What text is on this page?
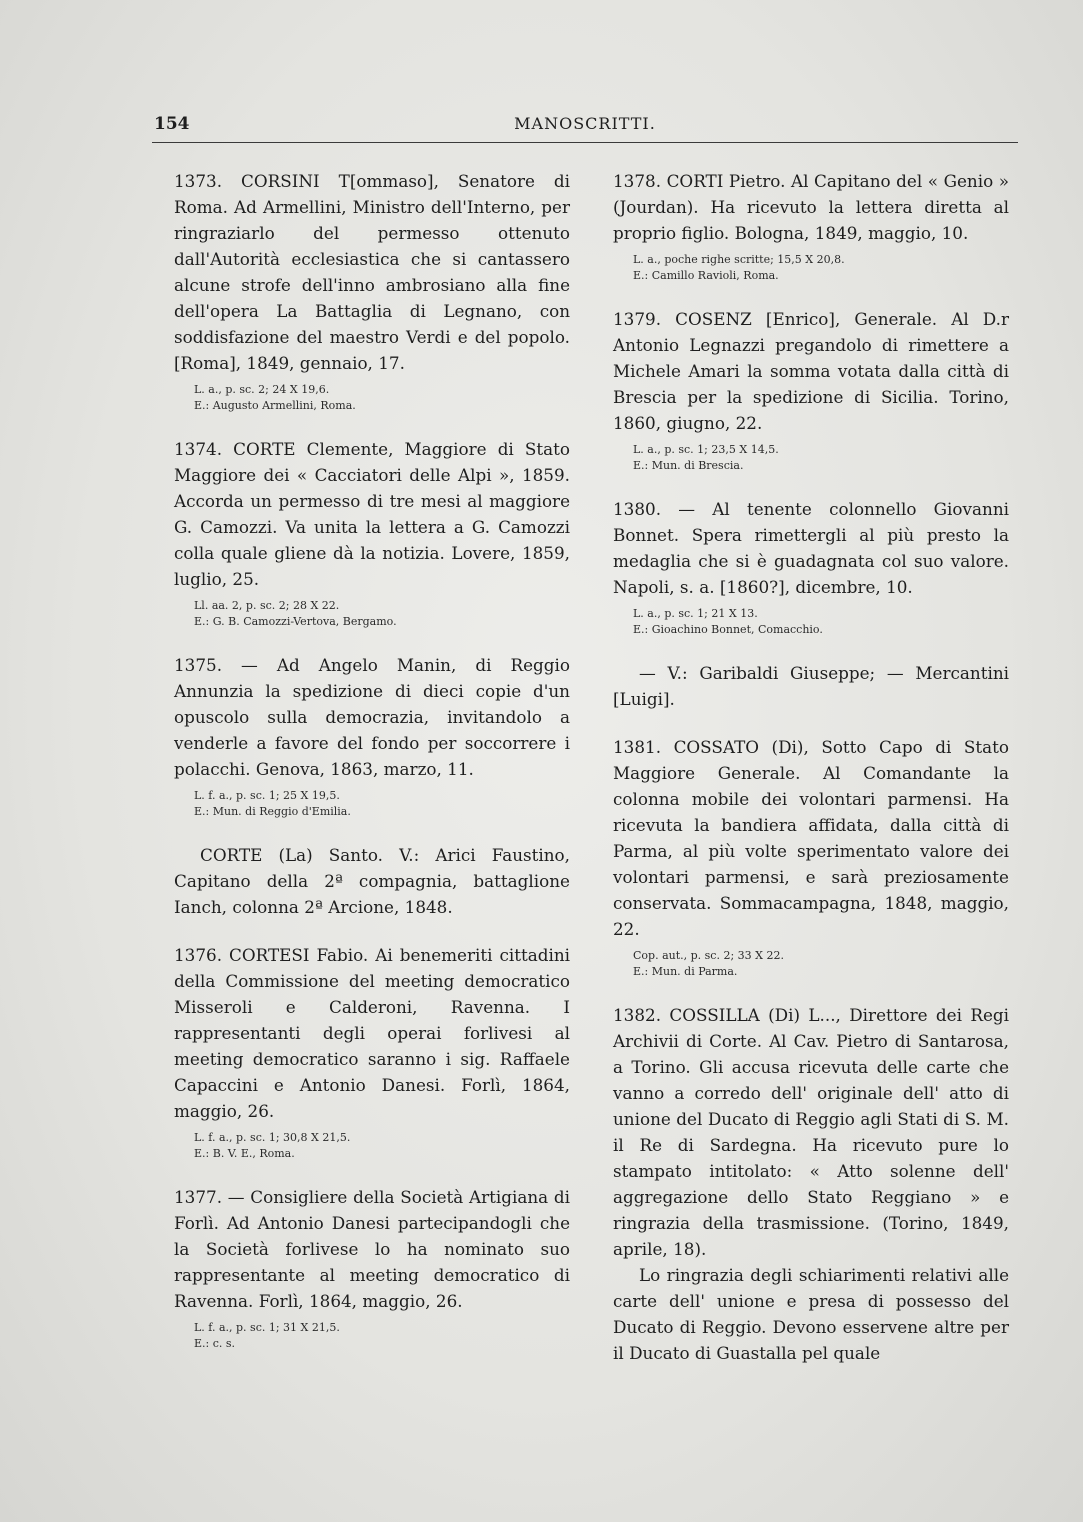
154	MANOSCRITTI.

1373. CORSINI T[ommaso], Senatore di Roma. Ad Armellini, Ministro dell'Interno, per ringraziarlo del permesso ottenuto dall'Autorità ecclesiastica che si cantassero alcune strofe dell'inno ambrosiano alla fine dell'opera La Battaglia di Legnano, con soddisfazione del maestro Verdi e del popolo. [Roma], 1849, gennaio, 17.

L. a., p. sc. 2; 24 X 19,6.
E.: Augusto Armellini, Roma.

1374. CORTE Clemente, Maggiore di Stato Maggiore dei « Cacciatori delle Alpi », 1859. Accorda un permesso di tre mesi al maggiore G. Camozzi. Va unita la lettera a G. Camozzi colla quale gliene dà la notizia. Lovere, 1859, luglio, 25.

Ll. aa. 2, p. sc. 2; 28 X 22.
E.: G. B. Camozzi-Vertova, Bergamo.

1375. — Ad Angelo Manin, di Reggio Annunzia la spedizione di dieci copie d'un opuscolo sulla democrazia, invitandolo a venderle a favore del fondo per soccorrere i polacchi. Genova, 1863, marzo, 11.

L. f. a., p. sc. 1; 25 X 19,5.
E.: Mun. di Reggio d'Emilia.

CORTE (La) Santo. V.: Arici Faustino, Capitano della 2ª compagnia, battaglione Ianch, colonna 2ª Arcione, 1848.

1376. CORTESI Fabio. Ai benemeriti cittadini della Commissione del meeting democratico Misseroli e Calderoni, Ravenna. I rappresentanti degli operai forlivesi al meeting democratico saranno i sig. Raffaele Capaccini e Antonio Danesi. Forlì, 1864, maggio, 26.

L. f. a., p. sc. 1; 30,8 X 21,5.
E.: B. V. E., Roma.

1377. — Consigliere della Società Artigiana di Forlì. Ad Antonio Danesi partecipandogli che la Società forlivese lo ha nominato suo rappresentante al meeting democratico di Ravenna. Forlì, 1864, maggio, 26.

L. f. a., p. sc. 1; 31 X 21,5.
E.: c. s.

1378. CORTI Pietro. Al Capitano del « Genio » (Jourdan). Ha ricevuto la lettera diretta al proprio figlio. Bologna, 1849, maggio, 10.

L. a., poche righe scritte; 15,5 X 20,8.
E.: Camillo Ravioli, Roma.

1379. COSENZ [Enrico], Generale. Al D.r Antonio Legnazzi pregandolo di rimettere a Michele Amari la somma votata dalla città di Brescia per la spedizione di Sicilia. Torino, 1860, giugno, 22.

L. a., p. sc. 1; 23,5 X 14,5.
E.: Mun. di Brescia.

1380. — Al tenente colonnello Giovanni Bonnet. Spera rimettergli al più presto la medaglia che si è guadagnata col suo valore. Napoli, s. a. [1860?], dicembre, 10.

L. a., p. sc. 1; 21 X 13.
E.: Gioachino Bonnet, Comacchio.

— V.: Garibaldi Giuseppe; — Mercantini [Luigi].

1381. COSSATO (Di), Sotto Capo di Stato Maggiore Generale. Al Comandante la colonna mobile dei volontari parmensi. Ha ricevuta la bandiera affidata, dalla città di Parma, al più volte sperimentato valore dei volontari parmensi, e sarà preziosamente conservata. Sommacampagna, 1848, maggio, 22.

Cop. aut., p. sc. 2; 33 X 22.
E.: Mun. di Parma.

1382. COSSILLA (Di) L..., Direttore dei Regi Archivii di Corte. Al Cav. Pietro di Santarosa, a Torino. Gli accusa ricevuta delle carte che vanno a corredo dell' originale dell' atto di unione del Ducato di Reggio agli Stati di S. M. il Re di Sardegna. Ha ricevuto pure lo stampato intitolato: « Atto solenne dell' aggregazione dello Stato Reggiano » e ringrazia della trasmissione. (Torino, 1849, aprile, 18).

Lo ringrazia degli schiarimenti relativi alle carte dell' unione e presa di possesso del Ducato di Reggio. Devono esservene altre per il Ducato di Guastalla pel quale
